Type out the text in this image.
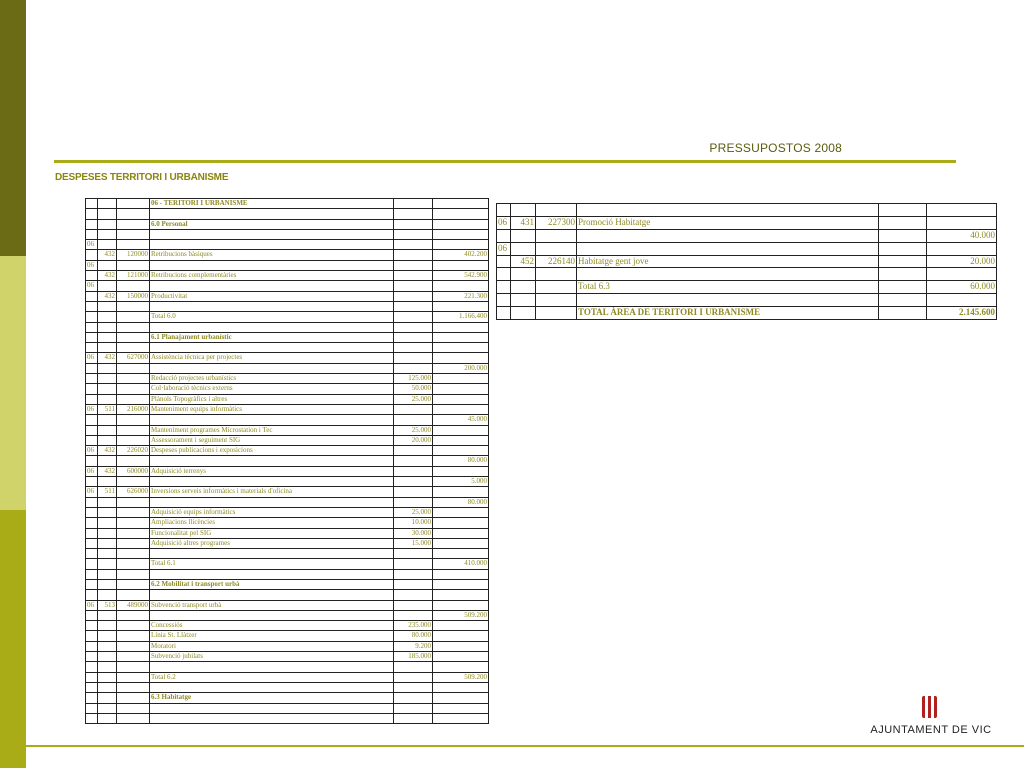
PRESSUPOSTOS 2008
DESPESES TERRITORI I URBANISME
			06 - TERITORI I URBANISME		

			6.0 Personal		

06					
	432	120000	Retribucions bàsiques		402.200
06					
	432	121000	Retribucions complementàries		542.900
06					
	432	150000	Productivitat		221.300

			Total 6.0		1.166.400

			6.1 Planajament urbanístic		

06	432	627000	Assistència tècnica per projectes		
					200.000
			Redacció projectes urbanístics	125.000	
			Col·laboració tècnics externs	50.000	
			Plànols Topogràfics i altres	25.000	
06	511	216000	Manteniment equips informàtics		
					45.000
			Manteniment programes Microstation i Tec	25.000	
			Assessorament i seguiment SIG	20.000	
06	432	226020	Despeses publicacions i exposicions		
					80.000
06	432	600000	Adquisició terrenys		
					5.000
06	511	626000	Inversions serveis informàtics i materials d'oficina		
					80.000
			Adquisició equips informàtics	25.000	
			Ampliacions llicències	10.000	
			Funcionalitat pel SIG	30.000	
			Adquisició altres programes	15.000	

			Total 6.1		410.000

			6.2 Mobilitat i transport urbà		

06	513	489000	Subvenció transport urbà		
					509.200
			Concessiós	235.000	
			Línia St. Llàtzer	80.000	
			Moratori	9.200	
			Subvenció jubilats	185.000	

			Total 6.2		509.200

			6.3 Habitatge		

06	431	227300	Promoció Habitatge		
					40.000
06					
	452	226140	Habitatge gent jove		20.000

			Total 6.3		60.000

			TOTAL ÀREA DE TERITORI I URBANISME		2.145.600
AJUNTAMENT DE VIC
